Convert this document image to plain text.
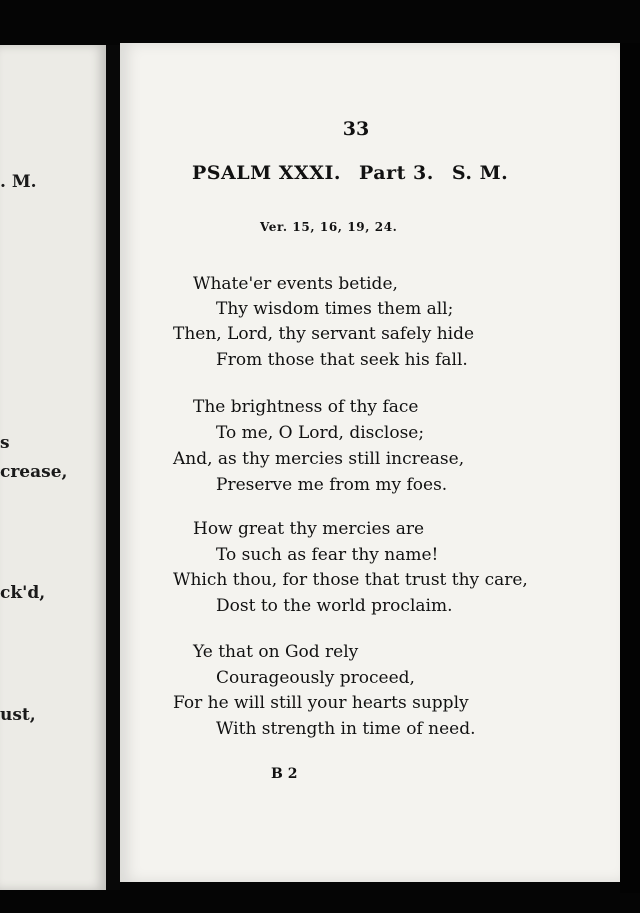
. M.
s
crease,
ck'd,
ust,
33
PSALM XXXI. Part 3. S. M.
Ver. 15, 16, 19, 24.
Whate'er events betide,
Thy wisdom times them all;
Then, Lord, thy servant safely hide
From those that seek his fall.
The brightness of thy face
To me, O Lord, disclose;
And, as thy mercies still increase,
Preserve me from my foes.
How great thy mercies are
To such as fear thy name!
Which thou, for those that trust thy care,
Dost to the world proclaim.
Ye that on God rely
Courageously proceed,
For he will still your hearts supply
With strength in time of need.
B 2
